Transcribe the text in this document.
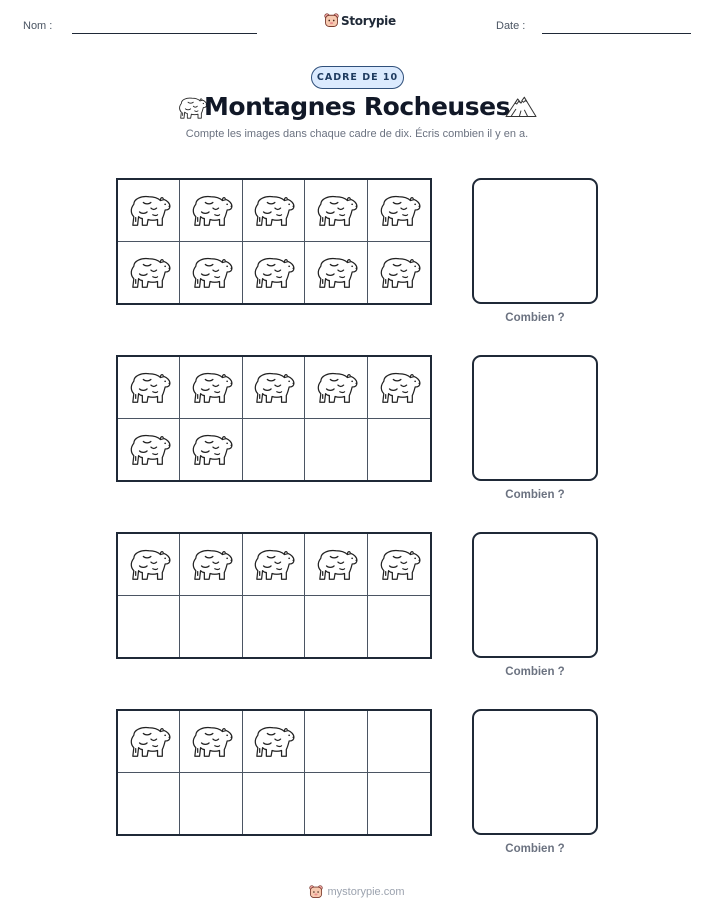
Nom :	Storypie	Date :
CADRE DE 10
Montagnes Rocheuses
Compte les images dans chaque cadre de dix. Écris combien il y en a.
Combien ?
Combien ?
Combien ?
Combien ?
mystorypie.com
